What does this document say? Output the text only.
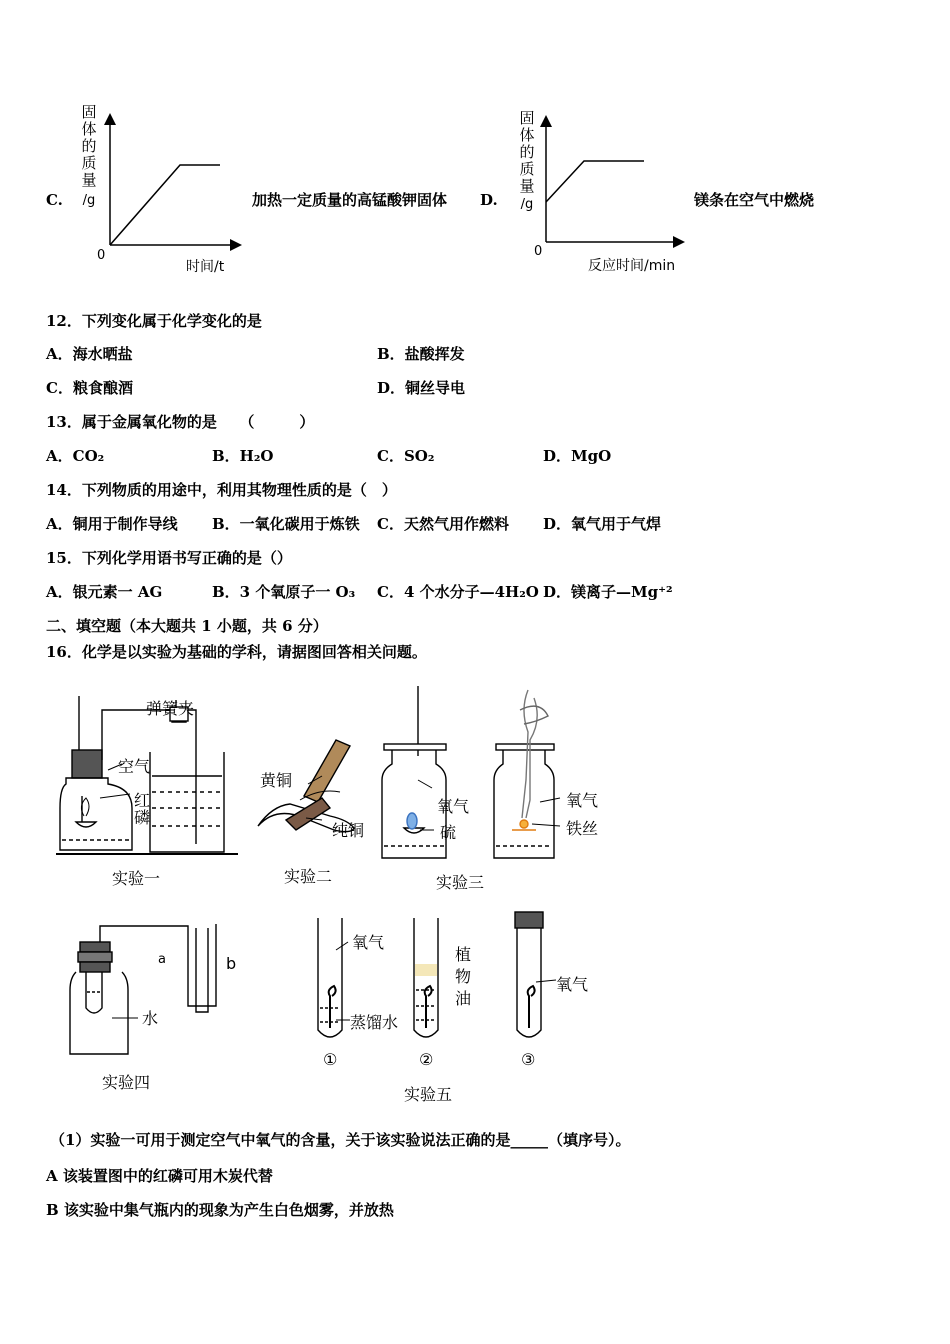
C.
固体的质量
/g
0
时间/t
加热一定质量的高锰酸钾固体 D.
固体的质量
/g
0
反应时间/min
镁条在空气中燃烧
12．下列变化属于化学变化的是
A．海水晒盐	B．盐酸挥发
C．粮食酿酒	D．铜丝导电
13．属于金属氧化物的是　　（　　　）
A．CO₂	B．H₂O	C．SO₂	D．MgO
14．下列物质的用途中，利用其物理性质的是（　）
A．铜用于制作导线 B．一氧化碳用于炼铁 C．天然气用作燃料 D．氧气用于气焊
15．下列化学用语书写正确的是（）
A．银元素一 AG	B．3 个氧原子一 O₃ C．4 个水分子—4H₂O D．镁离子—Mg⁺²
二、填空题（本大题共 1 小题，共 6 分）
16．化学是以实验为基础的学科，请据图回答相关问题。
弹簧夹
空气
红磷
实验一
黄铜
纯铜
实验二
氧气
硫
氧气
铁丝
实验三
a	b
水
实验四
氧气
植物油
蒸馏水
氧气
①	②	③
实验五
（1）实验一可用于测定空气中氧气的含量，关于该实验说法正确的是_____（填序号）。
A 该装置图中的红磷可用木炭代替
B 该实验中集气瓶内的现象为产生白色烟雾，并放热
